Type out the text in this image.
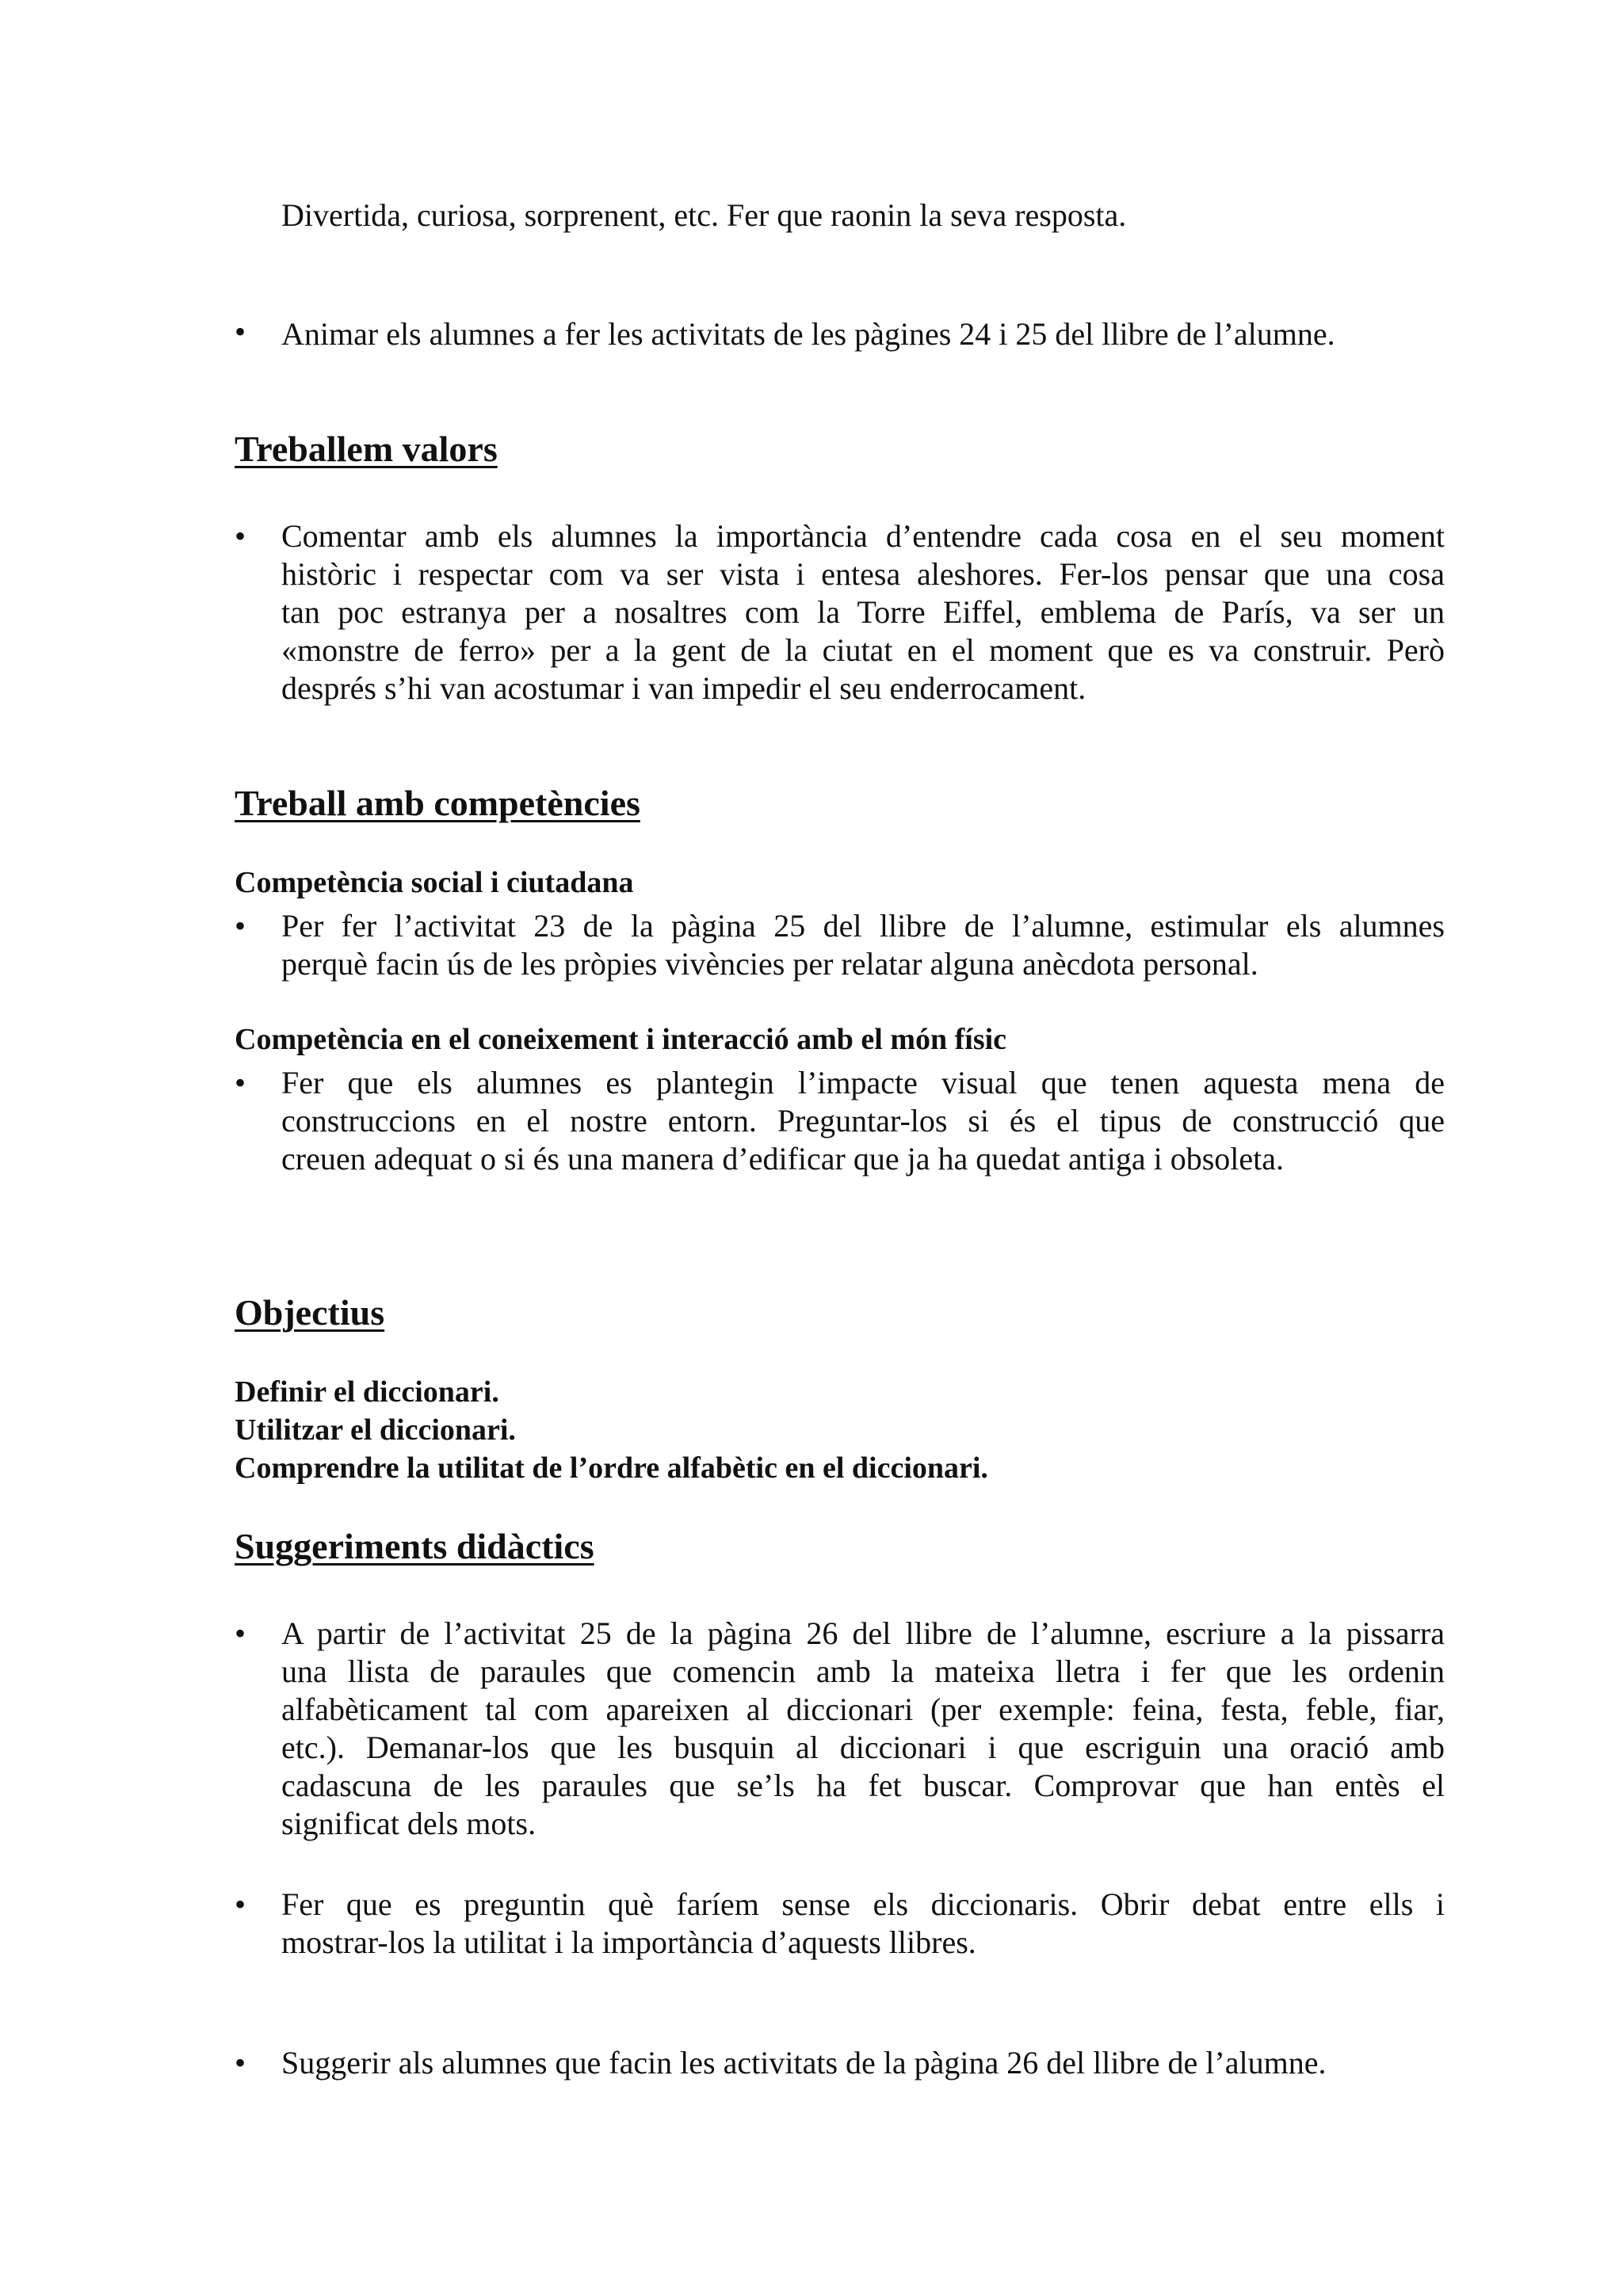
Divertida, curiosa, sorprenent, etc. Fer que raonin la seva resposta.
• Animar els alumnes a fer les activitats de les pàgines 24 i 25 del llibre de l’alumne.
Treballem valors
• Comentar amb els alumnes la importància d’entendre cada cosa en el seu moment
històric i respectar com va ser vista i entesa aleshores. Fer-los pensar que una cosa
tan poc estranya per a nosaltres com la Torre Eiffel, emblema de París, va ser un
«monstre de ferro» per a la gent de la ciutat en el moment que es va construir. Però
després s’hi van acostumar i van impedir el seu enderrocament.
Treball amb competències
Competència social i ciutadana
• Per fer l’activitat 23 de la pàgina 25 del llibre de l’alumne, estimular els alumnes
perquè facin ús de les pròpies vivències per relatar alguna anècdota personal.
Competència en el coneixement i interacció amb el món físic
• Fer que els alumnes es plantegin l’impacte visual que tenen aquesta mena de
construccions en el nostre entorn. Preguntar-los si és el tipus de construcció que
creuen adequat o si és una manera d’edificar que ja ha quedat antiga i obsoleta.
Objectius
Definir el diccionari.
Utilitzar el diccionari.
Comprendre la utilitat de l’ordre alfabètic en el diccionari.
Suggeriments didàctics
• A partir de l’activitat 25 de la pàgina 26 del llibre de l’alumne, escriure a la pissarra
una llista de paraules que comencin amb la mateixa lletra i fer que les ordenin
alfabèticament tal com apareixen al diccionari (per exemple: feina, festa, feble, fiar,
etc.). Demanar-los que les busquin al diccionari i que escriguin una oració amb
cadascuna de les paraules que se’ls ha fet buscar. Comprovar que han entès el
significat dels mots.
• Fer que es preguntin què faríem sense els diccionaris. Obrir debat entre ells i
mostrar-los la utilitat i la importància d’aquests llibres.
• Suggerir als alumnes que facin les activitats de la pàgina 26 del llibre de l’alumne.
